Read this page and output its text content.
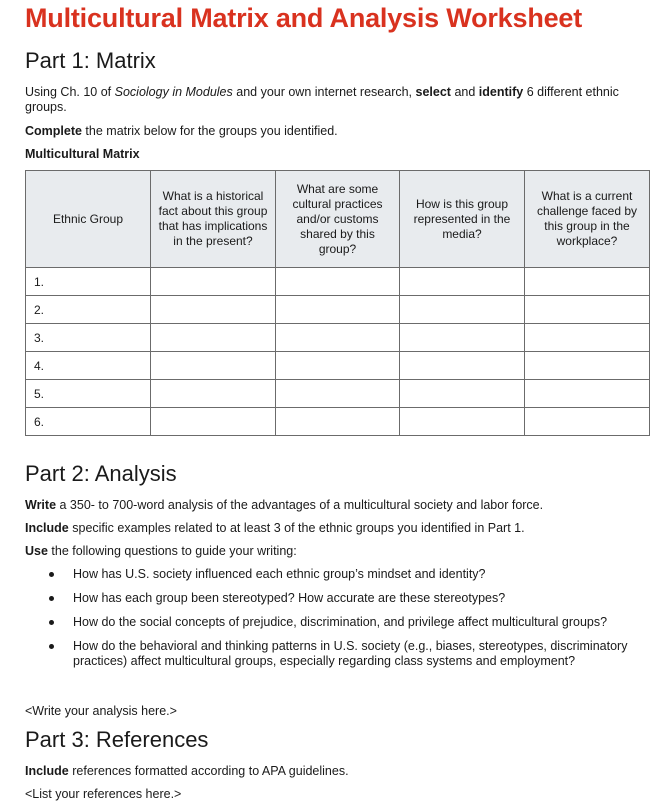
Multicultural Matrix and Analysis Worksheet
Part 1: Matrix

Using Ch. 10 of Sociology in Modules and your own internet research, select and identify 6 different ethnic groups.

Complete the matrix below for the groups you identified.

Multicultural Matrix

Ethnic Group	What is a historical fact about this group that has implications in the present?	What are some cultural practices and/or customs shared by this group?	How is this group represented in the media?	What is a current challenge faced by this group in the workplace?
1.				
2.				
3.				
4.				
5.				
6.				
Part 2: Analysis

Write a 350- to 700-word analysis of the advantages of a multicultural society and labor force.

Include specific examples related to at least 3 of the ethnic groups you identified in Part 1.

Use the following questions to guide your writing:

How has U.S. society influenced each ethnic group’s mindset and identity?
How has each group been stereotyped? How accurate are these stereotypes?
How do the social concepts of prejudice, discrimination, and privilege affect multicultural groups?
How do the behavioral and thinking patterns in U.S. society (e.g., biases, stereotypes, discriminatory practices) affect multicultural groups, especially regarding class systems and employment?

<Write your analysis here.>

Part 3: References

Include references formatted according to APA guidelines.

<List your references here.>
